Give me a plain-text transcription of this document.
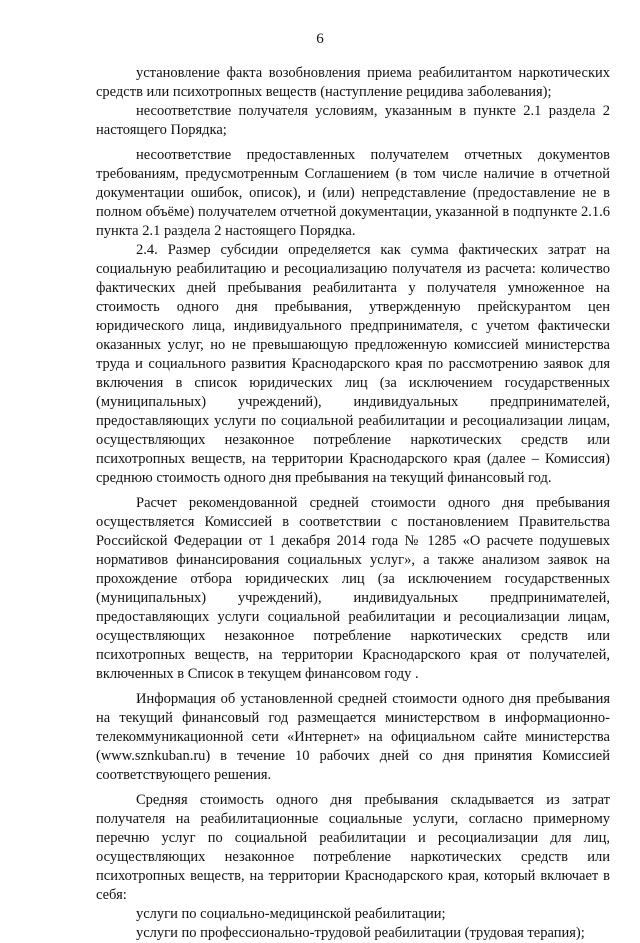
6

установление факта возобновления приема реабилитантом наркотических средств или психотропных веществ (наступление рецидива заболевания);

несоответствие получателя условиям, указанным в пункте 2.1 раздела 2 настоящего Порядка;

несоответствие предоставленных получателем отчетных документов требованиям, предусмотренным Соглашением (в том числе наличие в отчетной документации ошибок, описок), и (или) непредставление (предоставление не в полном объёме) получателем отчетной документации, указанной в подпункте 2.1.6 пункта 2.1 раздела 2 настоящего Порядка.

2.4. Размер субсидии определяется как сумма фактических затрат на социальную реабилитацию и ресоциализацию получателя из расчета: количество фактических дней пребывания реабилитанта у получателя умноженное на стоимость одного дня пребывания, утвержденную прейскурантом цен юридического лица, индивидуального предпринимателя, с учетом фактически оказанных услуг, но не превышающую предложенную комиссией министерства труда и социального развития Краснодарского края по рассмотрению заявок для включения в список юридических лиц (за исключением государственных (муниципальных) учреждений), индивидуальных предпринимателей, предоставляющих услуги по социальной реабилитации и ресоциализации лицам, осуществляющих незаконное потребление наркотических средств или психотропных веществ, на территории Краснодарского края (далее – Комиссия) среднюю стоимость одного дня пребывания на текущий финансовый год.

Расчет рекомендованной средней стоимости одного дня пребывания осуществляется Комиссией в соответствии с постановлением Правительства Российской Федерации от 1 декабря 2014 года № 1285 «О расчете подушевых нормативов финансирования социальных услуг», а также анализом заявок на прохождение отбора юридических лиц (за исключением государственных (муниципальных) учреждений), индивидуальных предпринимателей, предоставляющих услуги социальной реабилитации и ресоциализации лицам, осуществляющих незаконное потребление наркотических средств или психотропных веществ, на территории Краснодарского края от получателей, включенных в Список в текущем финансовом году .

Информация об установленной средней стоимости одного дня пребывания на текущий финансовый год размещается министерством в информационно-телекоммуникационной сети «Интернет» на официальном сайте министерства (www.sznkuban.ru) в течение 10 рабочих дней со дня принятия Комиссией соответствующего решения.

Средняя стоимость одного дня пребывания складывается из затрат получателя на реабилитационные социальные услуги, согласно примерному перечню услуг по социальной реабилитации и ресоциализации для лиц, осуществляющих незаконное потребление наркотических средств или психотропных веществ, на территории Краснодарского края, который включает в себя:

услуги по социально-медицинской реабилитации;

услуги по профессионально-трудовой реабилитации (трудовая терапия);
